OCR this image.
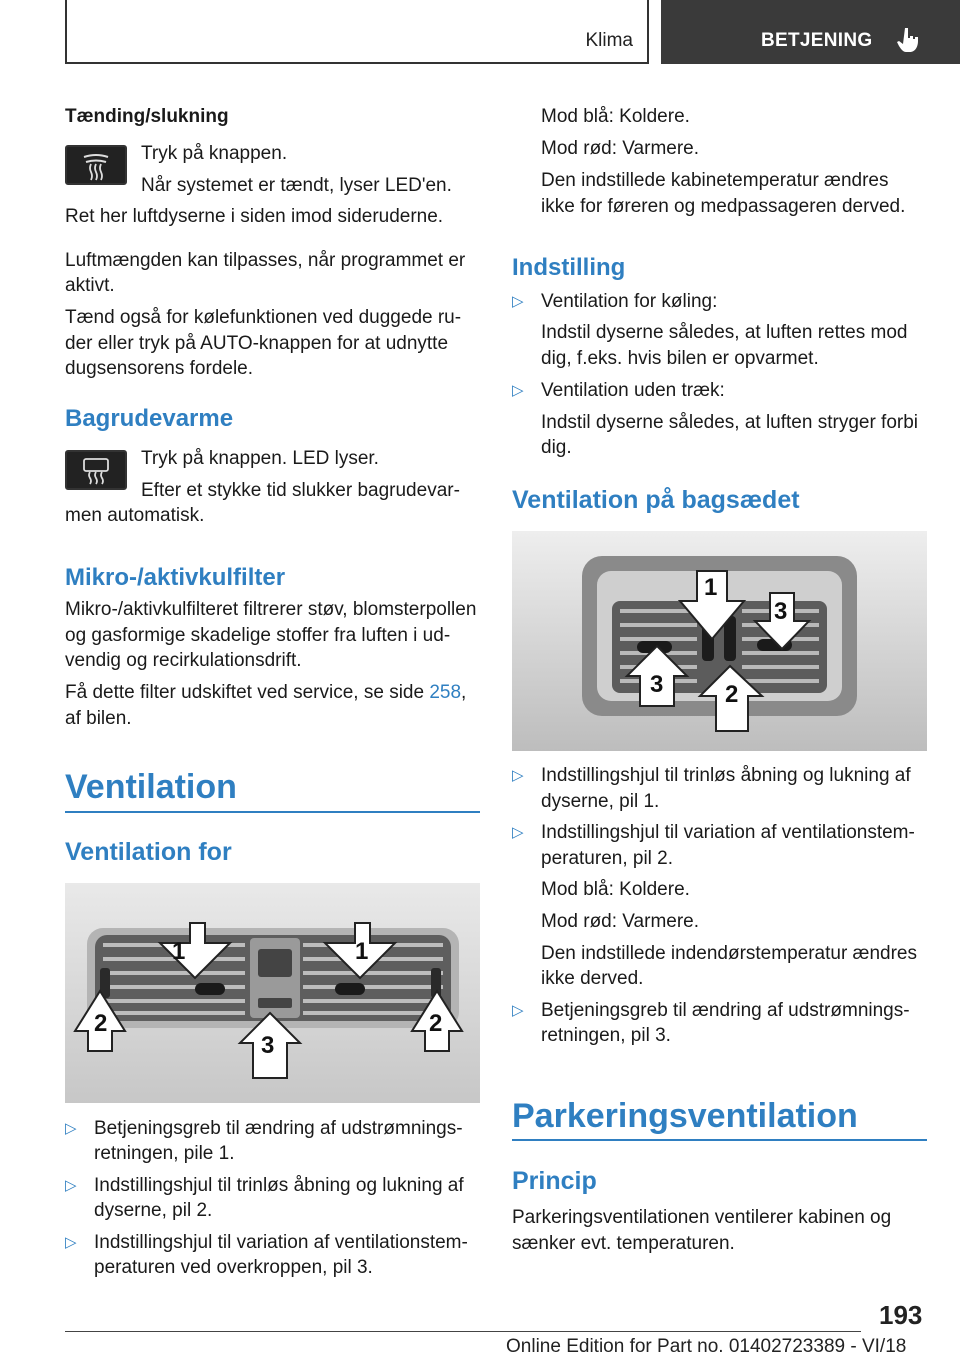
Klima	BETJENING
Tænding/slukning
Tryk på knappen.
Når systemet er tændt, lyser LED'en.
Ret her luftdyserne i siden imod sideruderne.
Luftmængden kan tilpasses, når programmet er
aktivt.
Tænd også for kølefunktionen ved duggede ru-
der eller tryk på AUTO-knappen for at udnytte
dugsensorens fordele.
Bagrudevarme
Tryk på knappen. LED lyser.
Efter et stykke tid slukker bagrudevar-
men automatisk.
Mikro-/aktivkulfilter
Mikro-/aktivkulfilteret filtrerer støv, blomsterpollen
og gasformige skadelige stoffer fra luften i ud-
vendig og recirkulationsdrift.
Få dette filter udskiftet ved service, se side 258,
af bilen.
Ventilation
Ventilation for
1	1
2	2
3
▷ Betjeningsgreb til ændring af udstrømnings-
retningen, pile 1.
▷ Indstillingshjul til trinløs åbning og lukning af
dyserne, pil 2.
▷ Indstillingshjul til variation af ventilationstem-
peraturen ved overkroppen, pil 3.
Mod blå: Koldere.
Mod rød: Varmere.
Den indstillede kabinetemperatur ændres
ikke for føreren og medpassageren derved.
Indstilling
▷ Ventilation for køling:
Indstil dyserne således, at luften rettes mod
dig, f.eks. hvis bilen er opvarmet.
▷ Ventilation uden træk:
Indstil dyserne således, at luften stryger forbi
dig.
Ventilation på bagsædet
1
3
3	2
▷ Indstillingshjul til trinløs åbning og lukning af
dyserne, pil 1.
▷ Indstillingshjul til variation af ventilationstem-
peraturen, pil 2.
Mod blå: Koldere.
Mod rød: Varmere.
Den indstillede indendørstemperatur ændres
ikke derved.
▷ Betjeningsgreb til ændring af udstrømnings-
retningen, pil 3.
Parkeringsventilation
Princip
Parkeringsventilationen ventilerer kabinen og
sænker evt. temperaturen.
193
Online Edition for Part no. 01402723389 - VI/18
